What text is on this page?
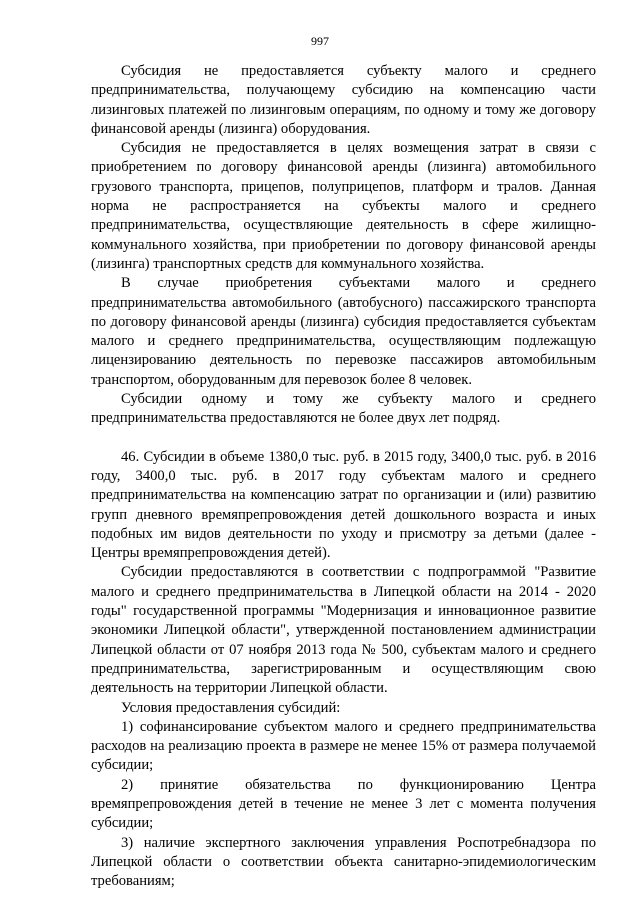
997

Субсидия не предоставляется субъекту малого и среднего предпринимательства, получающему субсидию на компенсацию части лизинговых платежей по лизинговым операциям, по одному и тому же договору финансовой аренды (лизинга) оборудования.

Субсидия не предоставляется в целях возмещения затрат в связи с приобретением по договору финансовой аренды (лизинга) автомобильного грузового транспорта, прицепов, полуприцепов, платформ и тралов. Данная норма не распространяется на субъекты малого и среднего предпринимательства, осуществляющие деятельность в сфере жилищно-коммунального хозяйства, при приобретении по договору финансовой аренды (лизинга) транспортных средств для коммунального хозяйства.

В случае приобретения субъектами малого и среднего предпринимательства автомобильного (автобусного) пассажирского транспорта по договору финансовой аренды (лизинга) субсидия предоставляется субъектам малого и среднего предпринимательства, осуществляющим подлежащую лицензированию деятельность по перевозке пассажиров автомобильным транспортом, оборудованным для перевозок более 8 человек.

Субсидии одному и тому же субъекту малого и среднего предпринимательства предоставляются не более двух лет подряд.

46. Субсидии в объеме 1380,0 тыс. руб. в 2015 году, 3400,0 тыс. руб. в 2016 году, 3400,0 тыс. руб. в 2017 году субъектам малого и среднего предпринимательства на компенсацию затрат по организации и (или) развитию групп дневного времяпрепровождения детей дошкольного возраста и иных подобных им видов деятельности по уходу и присмотру за детьми (далее - Центры времяпрепровождения детей).

Субсидии предоставляются в соответствии с подпрограммой "Развитие малого и среднего предпринимательства в Липецкой области на 2014 - 2020 годы" государственной программы "Модернизация и инновационное развитие экономики Липецкой области", утвержденной постановлением администрации Липецкой области от 07 ноября 2013 года № 500, субъектам малого и среднего предпринимательства, зарегистрированным и осуществляющим свою деятельность на территории Липецкой области.

Условия предоставления субсидий:

1) софинансирование субъектом малого и среднего предпринимательства расходов на реализацию проекта в размере не менее 15% от размера получаемой субсидии;

2) принятие обязательства по функционированию Центра времяпрепровождения детей в течение не менее 3 лет с момента получения субсидии;

3) наличие экспертного заключения управления Роспотребнадзора по Липецкой области о соответствии объекта санитарно-эпидемиологическим требованиям;
